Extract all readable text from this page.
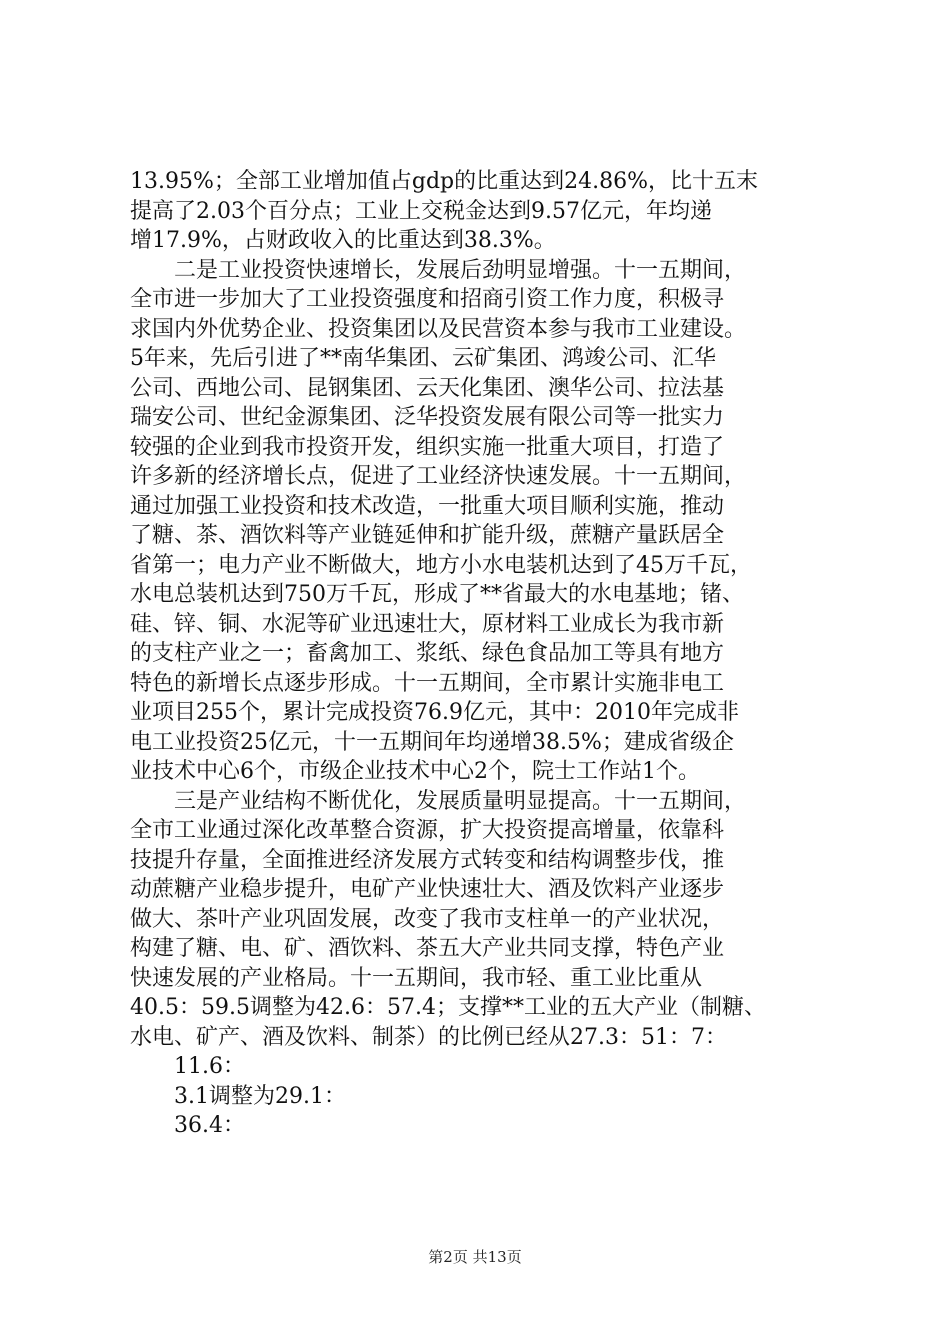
13.95%；全部工业增加值占gdp的比重达到24.86%，比十五末
提高了2.03个百分点；工业上交税金达到9.57亿元，年均递
增17.9%，占财政收入的比重达到38.3%。
　　二是工业投资快速增长，发展后劲明显增强。十一五期间，
全市进一步加大了工业投资强度和招商引资工作力度，积极寻
求国内外优势企业、投资集团以及民营资本参与我市工业建设。
5年来，先后引进了**南华集团、云矿集团、鸿竣公司、汇华
公司、西地公司、昆钢集团、云天化集团、澳华公司、拉法基
瑞安公司、世纪金源集团、泛华投资发展有限公司等一批实力
较强的企业到我市投资开发，组织实施一批重大项目，打造了
许多新的经济增长点，促进了工业经济快速发展。十一五期间，
通过加强工业投资和技术改造，一批重大项目顺利实施，推动
了糖、茶、酒饮料等产业链延伸和扩能升级，蔗糖产量跃居全
省第一；电力产业不断做大，地方小水电装机达到了45万千瓦，
水电总装机达到750万千瓦，形成了**省最大的水电基地；锗、
硅、锌、铜、水泥等矿业迅速壮大，原材料工业成长为我市新
的支柱产业之一；畜禽加工、浆纸、绿色食品加工等具有地方
特色的新增长点逐步形成。十一五期间，全市累计实施非电工
业项目255个，累计完成投资76.9亿元，其中：2010年完成非
电工业投资25亿元，十一五期间年均递增38.5%；建成省级企
业技术中心6个，市级企业技术中心2个，院士工作站1个。
　　三是产业结构不断优化，发展质量明显提高。十一五期间，
全市工业通过深化改革整合资源，扩大投资提高增量，依靠科
技提升存量，全面推进经济发展方式转变和结构调整步伐，推
动蔗糖产业稳步提升，电矿产业快速壮大、酒及饮料产业逐步
做大、茶叶产业巩固发展，改变了我市支柱单一的产业状况，
构建了糖、电、矿、酒饮料、茶五大产业共同支撑，特色产业
快速发展的产业格局。十一五期间，我市轻、重工业比重从
40.5：59.5调整为42.6：57.4；支撑**工业的五大产业（制糖、
水电、矿产、酒及饮料、制茶）的比例已经从27.3：51：7：
　　11.6：
　　3.1调整为29.1：
　　36.4：
第2页 共13页
